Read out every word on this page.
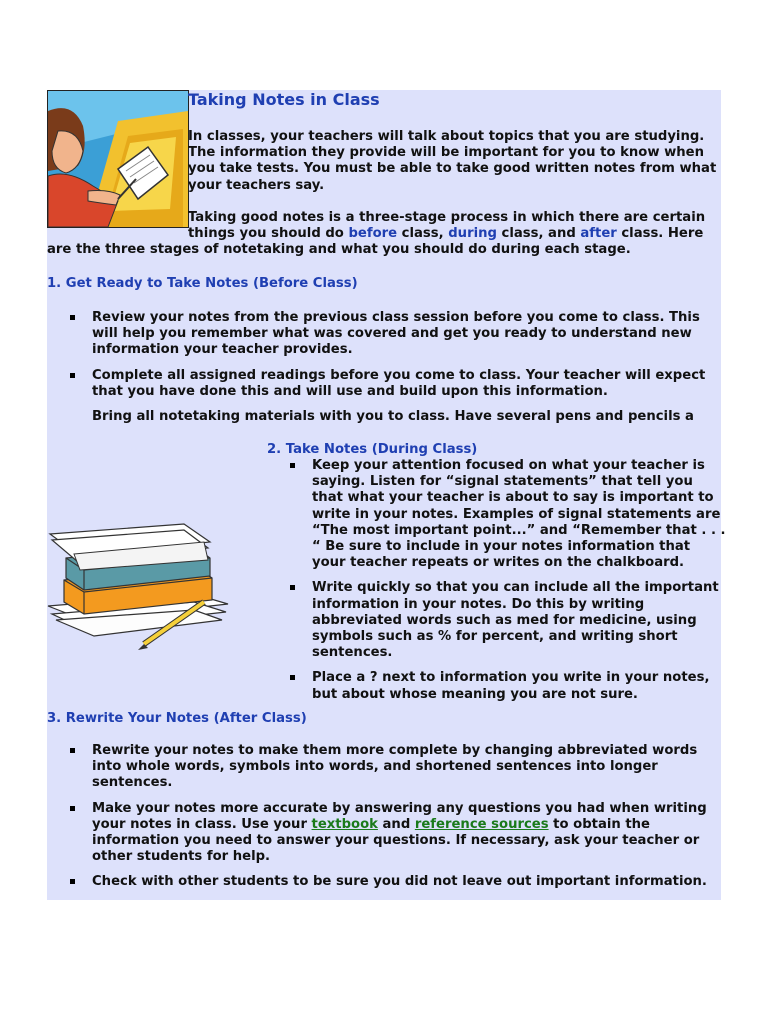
Taking Notes in Class

In classes, your teachers will talk about topics that you are studying.
The information they provide will be important for you to know when
you take tests. You must be able to take good written notes from what
your teachers say.

Taking good notes is a three-stage process in which there are certain

things you should do before class, during class, and after class. Here

are the three stages of notetaking and what you should do during each stage.

1. Get Ready to Take Notes (Before Class)
Review your notes from the previous class session before you come to class. This
will help you remember what was covered and get you ready to understand new
information your teacher provides.
Complete all assigned readings before you come to class. Your teacher will expect
that you have done this and will use and build upon this information.

Bring all notetaking materials with you to class. Have several pens and pencils a

2. Take Notes (During Class)
Keep your attention focused on what your teacher is
saying. Listen for “signal statements” that tell you
that what your teacher is about to say is important to
write in your notes. Examples of signal statements are
“The most important point...” and “Remember that . . .
“ Be sure to include in your notes information that
your teacher repeats or writes on the chalkboard.
Write quickly so that you can include all the important
information in your notes. Do this by writing
abbreviated words such as med for medicine, using
symbols such as % for percent, and writing short
sentences.
Place a ? next to information you write in your notes,
but about whose meaning you are not sure.
3. Rewrite Your Notes (After Class)
Rewrite your notes to make them more complete by changing abbreviated words
into whole words, symbols into words, and shortened sentences into longer
sentences.
Make your notes more accurate by answering any questions you had when writing
your notes in class. Use your textbook and reference sources to obtain the
information you need to answer your questions. If necessary, ask your teacher or
other students for help.
Check with other students to be sure you did not leave out important information.
